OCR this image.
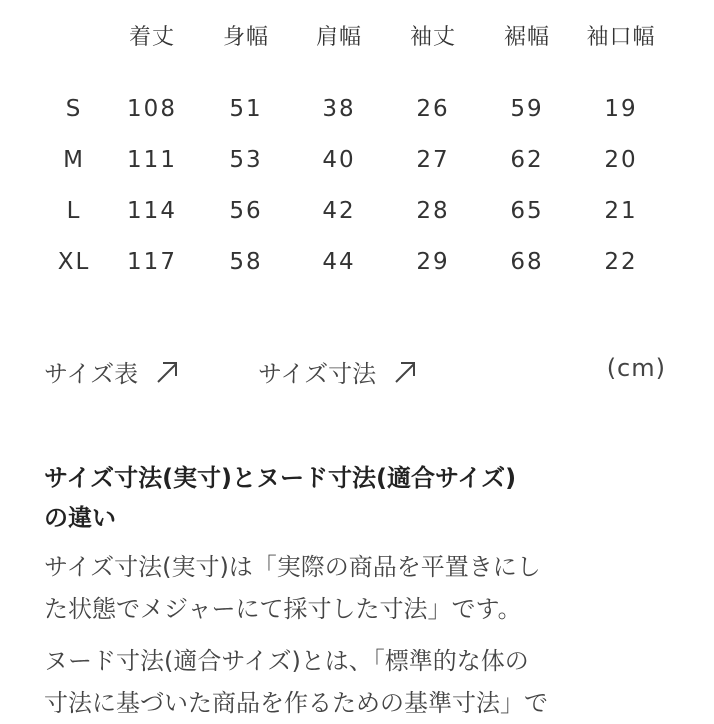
着丈 身幅 肩幅 袖丈 裾幅 袖口幅
S 108 51	38	26	59	19
M 111 53	40	27	62	20
L 114 56	42	28	65	21
XL 117 58	44	29	68	22
サイズ表	サイズ寸法	(cm)
サイズ寸法(実寸)とヌード寸法(適合サイズ)
の違い

サイズ寸法(実寸)は「実際の商品を平置きにし
た状態でメジャーにて採寸した寸法」です。

ヌード寸法(適合サイズ)とは、「標準的な体の
寸法に基づいた商品を作るための基準寸法」で
